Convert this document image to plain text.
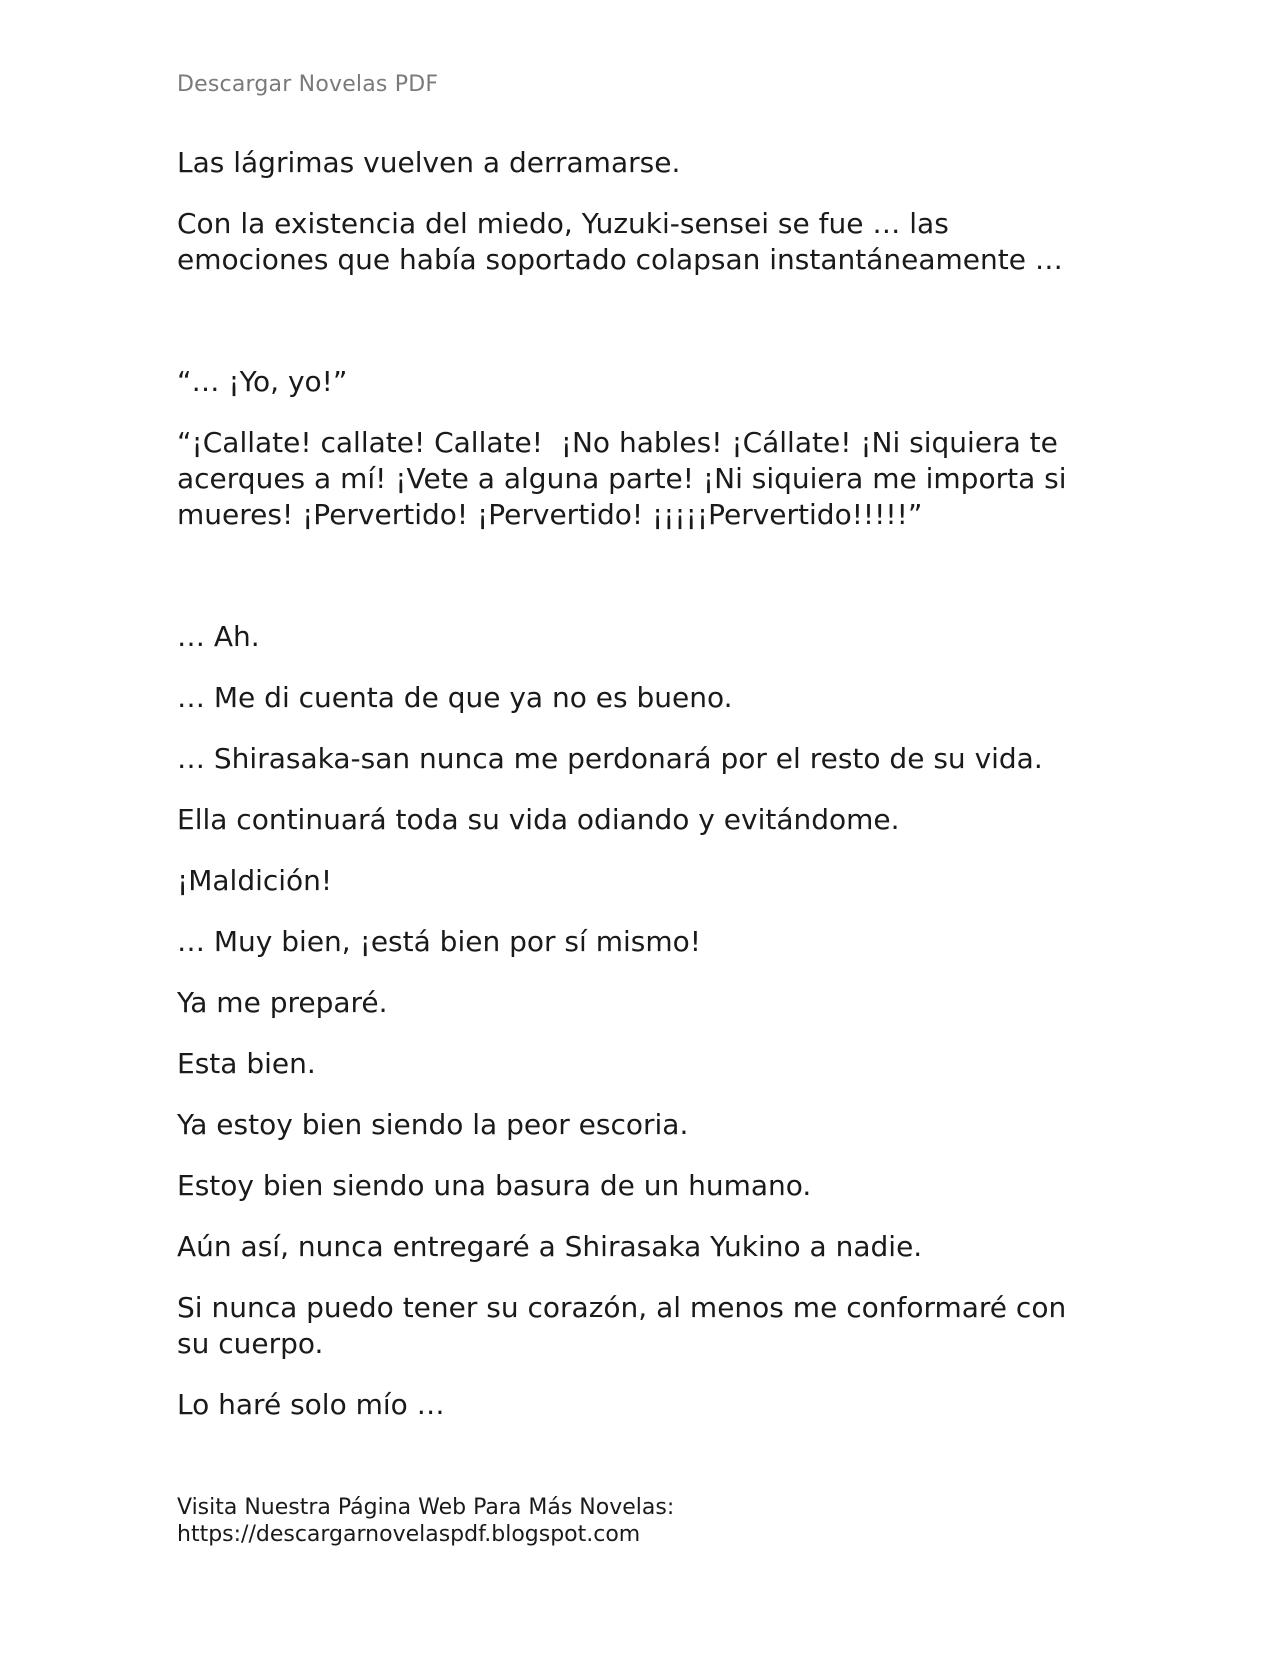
Descargar Novelas PDF

Las lágrimas vuelven a derramarse.

Con la existencia del miedo, Yuzuki-sensei se fue … las emociones que había soportado colapsan instantáneamente …

“… ¡Yo, yo!”

“¡Callate! callate! Callate!  ¡No hables! ¡Cállate! ¡Ni siquiera te acerques a mí! ¡Vete a alguna parte! ¡Ni siquiera me importa si mueres! ¡Pervertido! ¡Pervertido! ¡¡¡¡¡Pervertido!!!!!”

… Ah.

… Me di cuenta de que ya no es bueno.

… Shirasaka-san nunca me perdonará por el resto de su vida.

Ella continuará toda su vida odiando y evitándome.

¡Maldición!

… Muy bien, ¡está bien por sí mismo!

Ya me preparé.

Esta bien.

Ya estoy bien siendo la peor escoria.

Estoy bien siendo una basura de un humano.

Aún así, nunca entregaré a Shirasaka Yukino a nadie.

Si nunca puedo tener su corazón, al menos me conformaré con su cuerpo.

Lo haré solo mío …

Visita Nuestra Página Web Para Más Novelas:
https://descargarnovelaspdf.blogspot.com
